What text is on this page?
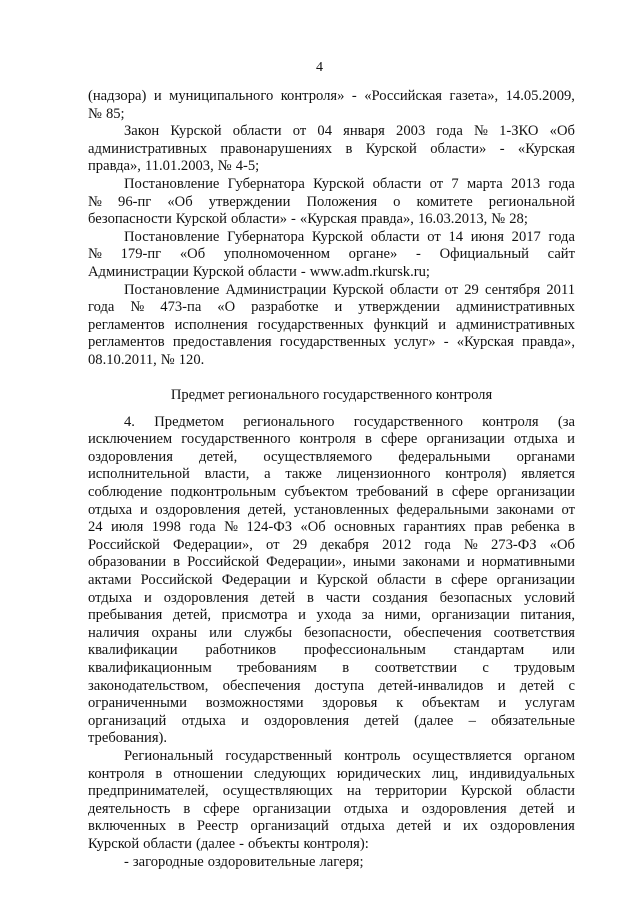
4
(надзора) и муниципального контроля» - «Российская газета», 14.05.2009,
№ 85;
Закон Курской области от 04 января 2003 года № 1-ЗКО «Об
административных правонарушениях в Курской области» - «Курская
правда», 11.01.2003, № 4-5;
Постановление Губернатора Курской области от 7 марта 2013 года
№ 96-пг «Об утверждении Положения о комитете региональной
безопасности Курской области» - «Курская правда», 16.03.2013, № 28;
Постановление Губернатора Курской области от 14 июня 2017 года
№ 179-пг «Об уполномоченном органе» - Официальный сайт
Администрации Курской области - www.adm.rkursk.ru;
Постановление Администрации Курской области от 29 сентября 2011
года № 473-па «О разработке и утверждении административных
регламентов исполнения государственных функций и административных
регламентов предоставления государственных услуг» - «Курская правда»,
08.10.2011, № 120.
Предмет регионального государственного контроля
4. Предметом регионального государственного контроля (за
исключением государственного контроля в сфере организации отдыха и
оздоровления детей, осуществляемого федеральными органами
исполнительной власти, а также лицензионного контроля) является
соблюдение подконтрольным субъектом требований в сфере организации
отдыха и оздоровления детей, установленных федеральными законами от
24 июля 1998 года № 124-ФЗ «Об основных гарантиях прав ребенка в
Российской Федерации», от 29 декабря 2012 года № 273-ФЗ «Об
образовании в Российской Федерации», иными законами и нормативными
актами Российской Федерации и Курской области в сфере организации
отдыха и оздоровления детей в части создания безопасных условий
пребывания детей, присмотра и ухода за ними, организации питания,
наличия охраны или службы безопасности, обеспечения соответствия
квалификации работников профессиональным стандартам или
квалификационным требованиям в соответствии с трудовым
законодательством, обеспечения доступа детей-инвалидов и детей с
ограниченными возможностями здоровья к объектам и услугам
организаций отдыха и оздоровления детей (далее – обязательные
требования).
Региональный государственный контроль осуществляется органом
контроля в отношении следующих юридических лиц, индивидуальных
предпринимателей, осуществляющих на территории Курской области
деятельность в сфере организации отдыха и оздоровления детей и
включенных в Реестр организаций отдыха детей и их оздоровления
Курской области (далее - объекты контроля):
- загородные оздоровительные лагеря;
